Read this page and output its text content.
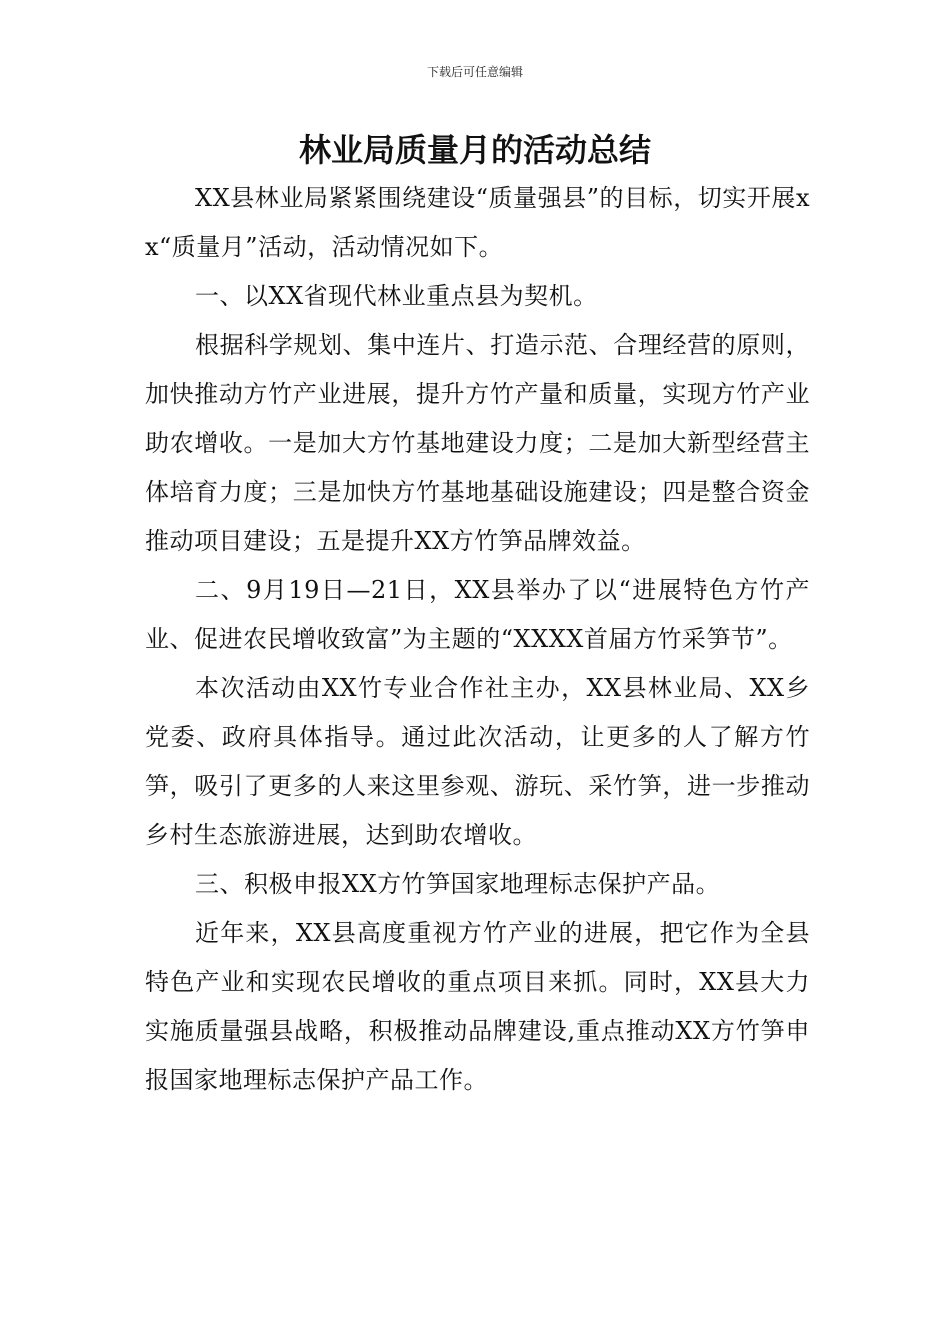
下载后可任意编辑
林业局质量月的活动总结

XX县林业局紧紧围绕建设“质量强县”的目标，切实开展xx“质量月”活动，活动情况如下。

一、以XX省现代林业重点县为契机。

根据科学规划、集中连片、打造示范、合理经营的原则，加快推动方竹产业进展，提升方竹产量和质量，实现方竹产业助农增收。一是加大方竹基地建设力度；二是加大新型经营主体培育力度；三是加快方竹基地基础设施建设；四是整合资金推动项目建设；五是提升XX方竹笋品牌效益。

二、9月19日—21日，XX县举办了以“进展特色方竹产业、促进农民增收致富”为主题的“XXXX首届方竹采笋节”。

本次活动由XX竹专业合作社主办，XX县林业局、XX乡党委、政府具体指导。通过此次活动，让更多的人了解方竹笋，吸引了更多的人来这里参观、游玩、采竹笋，进一步推动乡村生态旅游进展，达到助农增收。

三、积极申报XX方竹笋国家地理标志保护产品。

近年来，XX县高度重视方竹产业的进展，把它作为全县特色产业和实现农民增收的重点项目来抓。同时，XX县大力实施质量强县战略，积极推动品牌建设,重点推动XX方竹笋申报国家地理标志保护产品工作。
